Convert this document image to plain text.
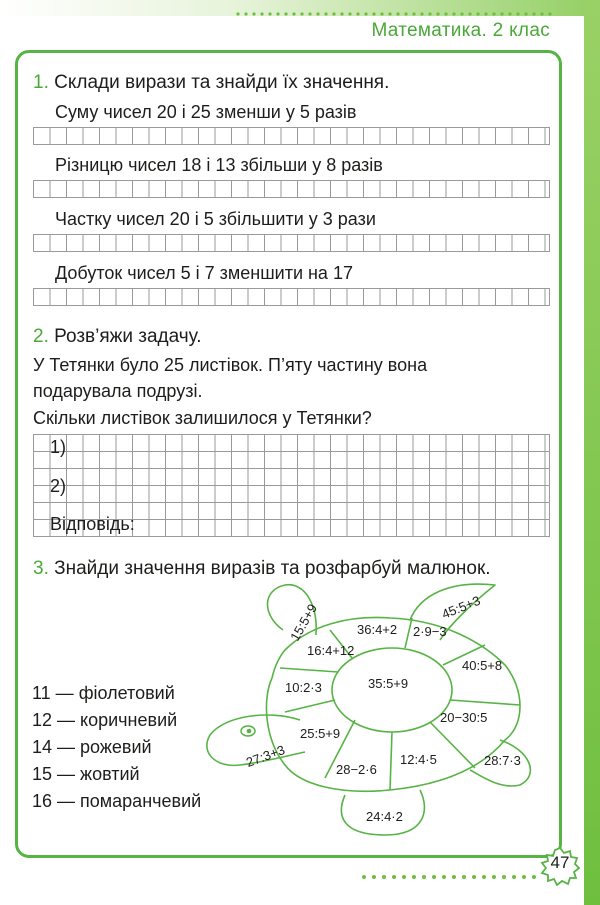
Математика. 2 клас
1. Склади вирази та знайди їх значення.
Суму чисел 20 і 25 зменши у 5 разів
Різницю чисел 18 і 13 збільши у 8 разів
Частку чисел 20 і 5 збільшити у 3 рази
Добуток чисел 5 і 7 зменшити на 17
2. Розв’яжи задачу.
У Тетянки було 25 листівок. П’яту частину вона
подарувала подрузі.
Скільки листівок залишилося у Тетянки?
1)
2)
Відповідь:
3. Знайди значення виразів та розфарбуй малюнок.
11 — фіолетовий
12 — коричневий
14 — рожевий
15 — жовтий
16 — помаранчевий
15:5+9	45:5+3
36:4+2 2·9−3
40:5+8
20−30:5
28:7·3
12:4·5
28−2·6
25:5+9
10:2·3
16:4+12
35:5+9
27:3+3
24:4·2
47
